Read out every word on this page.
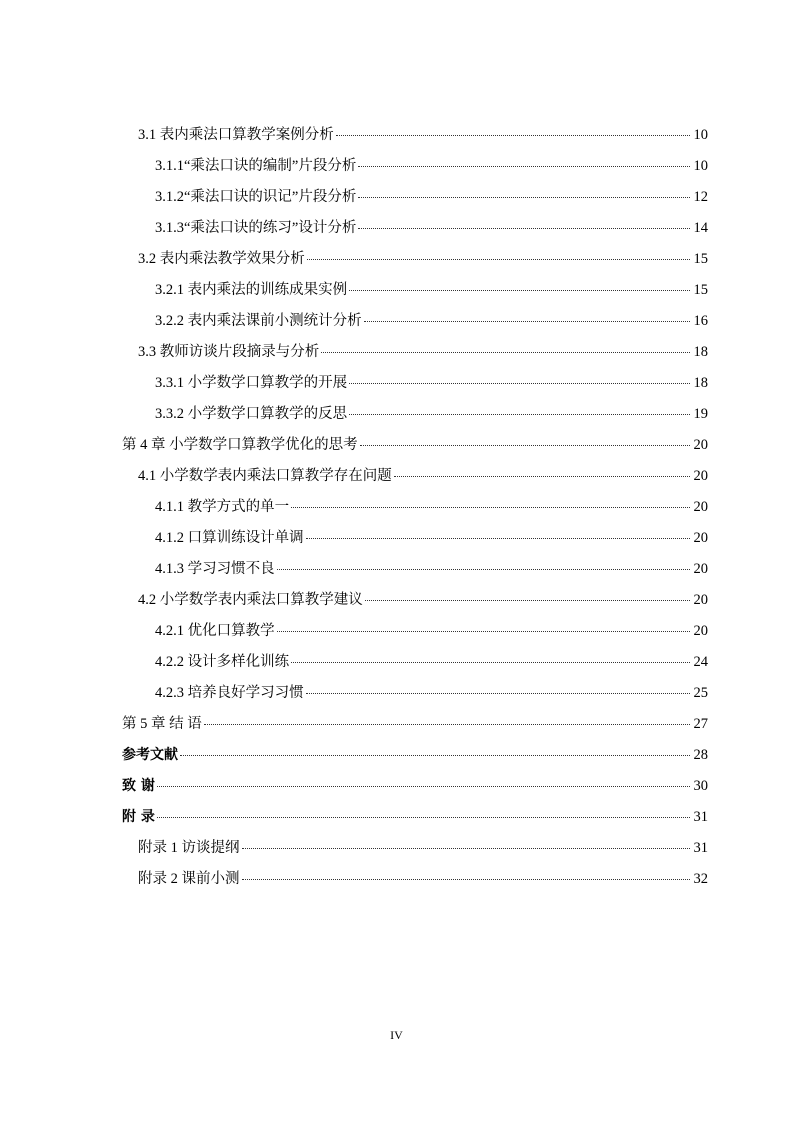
3.1 表内乘法口算教学案例分析	10
3.1.1“乘法口诀的编制”片段分析	10
3.1.2“乘法口诀的识记”片段分析	12
3.1.3“乘法口诀的练习”设计分析	14
3.2 表内乘法教学效果分析	15
3.2.1 表内乘法的训练成果实例	15
3.2.2 表内乘法课前小测统计分析	16
3.3 教师访谈片段摘录与分析	18
3.3.1 小学数学口算教学的开展	18
3.3.2 小学数学口算教学的反思	19
第 4 章 小学数学口算教学优化的思考	20
4.1 小学数学表内乘法口算教学存在问题	20
4.1.1 教学方式的单一	20
4.1.2 口算训练设计单调	20
4.1.3 学习习惯不良	20
4.2 小学数学表内乘法口算教学建议	20
4.2.1 优化口算教学	20
4.2.2 设计多样化训练	24
4.2.3 培养良好学习习惯	25
第 5 章 结 语	27
参考文献	28
致 谢	30
附 录	31
附录 1 访谈提纲	31
附录 2 课前小测	32
IV
